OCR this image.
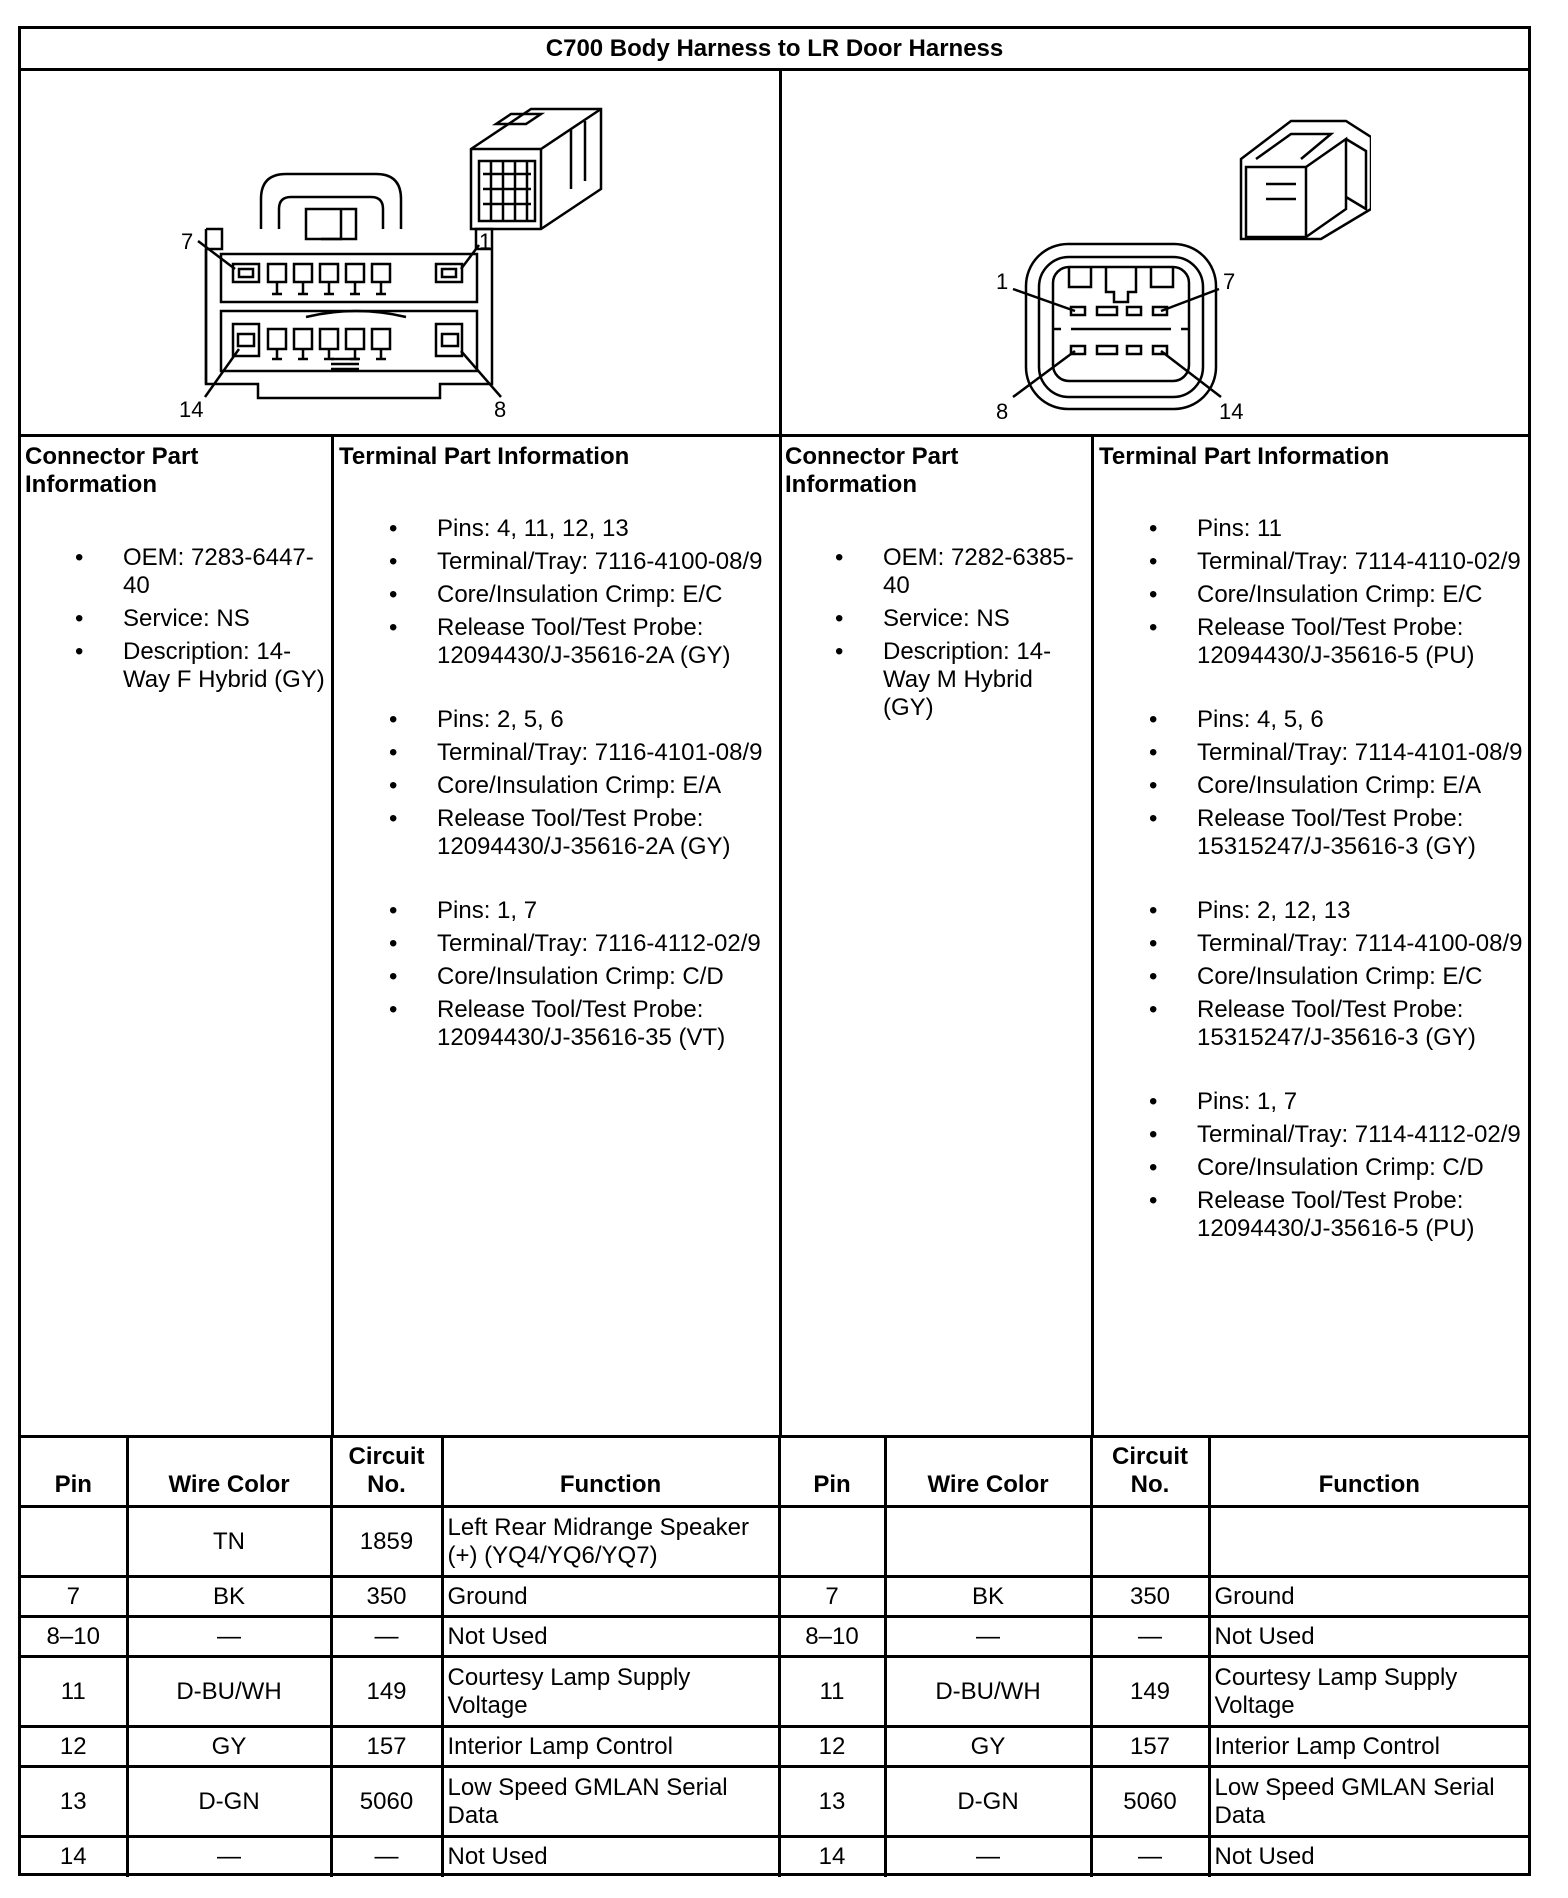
C700 Body Harness to LR Door Harness
7	1
14	8
1	7
8	14
Connector Part Information
• OEM: 7283-6447-40
• Service: NS
• Description: 14-Way F Hybrid (GY)
Terminal Part Information
• Pins: 4, 11, 12, 13
• Terminal/Tray: 7116-4100-08/9
• Core/Insulation Crimp: E/C
• Release Tool/Test Probe: 12094430/J-35616-2A (GY)
• Pins: 2, 5, 6
• Terminal/Tray: 7116-4101-08/9
• Core/Insulation Crimp: E/A
• Release Tool/Test Probe: 12094430/J-35616-2A (GY)
• Pins: 1, 7
• Terminal/Tray: 7116-4112-02/9
• Core/Insulation Crimp: C/D
• Release Tool/Test Probe: 12094430/J-35616-35 (VT)
Connector Part Information
• OEM: 7282-6385-40
• Service: NS
• Description: 14-Way M Hybrid (GY)
Terminal Part Information
• Pins: 11
• Terminal/Tray: 7114-4110-02/9
• Core/Insulation Crimp: E/C
• Release Tool/Test Probe: 12094430/J-35616-5 (PU)
• Pins: 4, 5, 6
• Terminal/Tray: 7114-4101-08/9
• Core/Insulation Crimp: E/A
• Release Tool/Test Probe: 15315247/J-35616-3 (GY)
• Pins: 2, 12, 13
• Terminal/Tray: 7114-4100-08/9
• Core/Insulation Crimp: E/C
• Release Tool/Test Probe: 15315247/J-35616-3 (GY)
• Pins: 1, 7
• Terminal/Tray: 7114-4112-02/9
• Core/Insulation Crimp: C/D
• Release Tool/Test Probe: 12094430/J-35616-5 (PU)
Pin	Wire Color	Circuit No.	Function	Pin	Wire Color	Circuit No.	Function
	TN	1859	Left Rear Midrange Speaker (+) (YQ4/YQ6/YQ7)				
7	BK	350	Ground	7	BK	350	Ground
8–10	—	—	Not Used	8–10	—	—	Not Used
11	D-BU/WH	149	Courtesy Lamp Supply Voltage	11	D-BU/WH	149	Courtesy Lamp Supply Voltage
12	GY	157	Interior Lamp Control	12	GY	157	Interior Lamp Control
13	D-GN	5060	Low Speed GMLAN Serial Data	13	D-GN	5060	Low Speed GMLAN Serial Data
14	—	—	Not Used	14	—	—	Not Used
